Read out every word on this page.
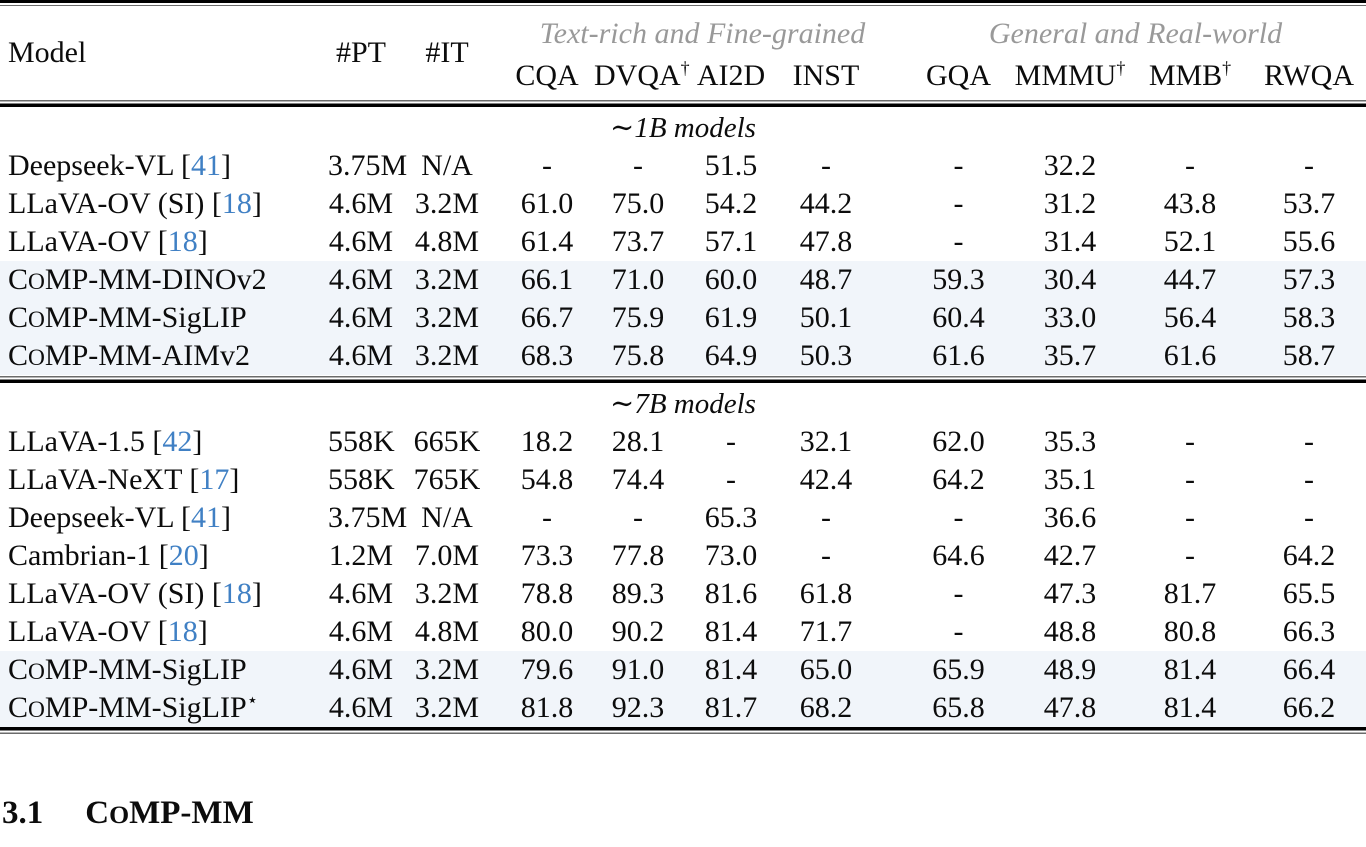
Model	#PT	#IT	Text-rich and Fine-grained					General and Real-world			
			CQA	DVQA†	AI2D	INST		GQA	MMMU†	MMB†	RWQA

∼1B models											
Deepseek-VL [41]	3.75M	N/A	-	-	51.5	-		-	32.2	-	-
LLaVA-OV (SI) [18]	4.6M	3.2M	61.0	75.0	54.2	44.2		-	31.2	43.8	53.7
LLaVA-OV [18]	4.6M	4.8M	61.4	73.7	57.1	47.8		-	31.4	52.1	55.6
COMP-MM-DINOv2	4.6M	3.2M	66.1	71.0	60.0	48.7		59.3	30.4	44.7	57.3
COMP-MM-SigLIP	4.6M	3.2M	66.7	75.9	61.9	50.1		60.4	33.0	56.4	58.3
COMP-MM-AIMv2	4.6M	3.2M	68.3	75.8	64.9	50.3		61.6	35.7	61.6	58.7

∼7B models											
LLaVA-1.5 [42]	558K	665K	18.2	28.1	-	32.1		62.0	35.3	-	-
LLaVA-NeXT [17]	558K	765K	54.8	74.4	-	42.4		64.2	35.1	-	-
Deepseek-VL [41]	3.75M	N/A	-	-	65.3	-		-	36.6	-	-
Cambrian-1 [20]	1.2M	7.0M	73.3	77.8	73.0	-		64.6	42.7	-	64.2
LLaVA-OV (SI) [18]	4.6M	3.2M	78.8	89.3	81.6	61.8		-	47.3	81.7	65.5
LLaVA-OV [18]	4.6M	4.8M	80.0	90.2	81.4	71.7		-	48.8	80.8	66.3
COMP-MM-SigLIP	4.6M	3.2M	79.6	91.0	81.4	65.0		65.9	48.9	81.4	66.4
COMP-MM-SigLIP⋆	4.6M	3.2M	81.8	92.3	81.7	68.2		65.8	47.8	81.4	66.2

3.1 COMP-MM
